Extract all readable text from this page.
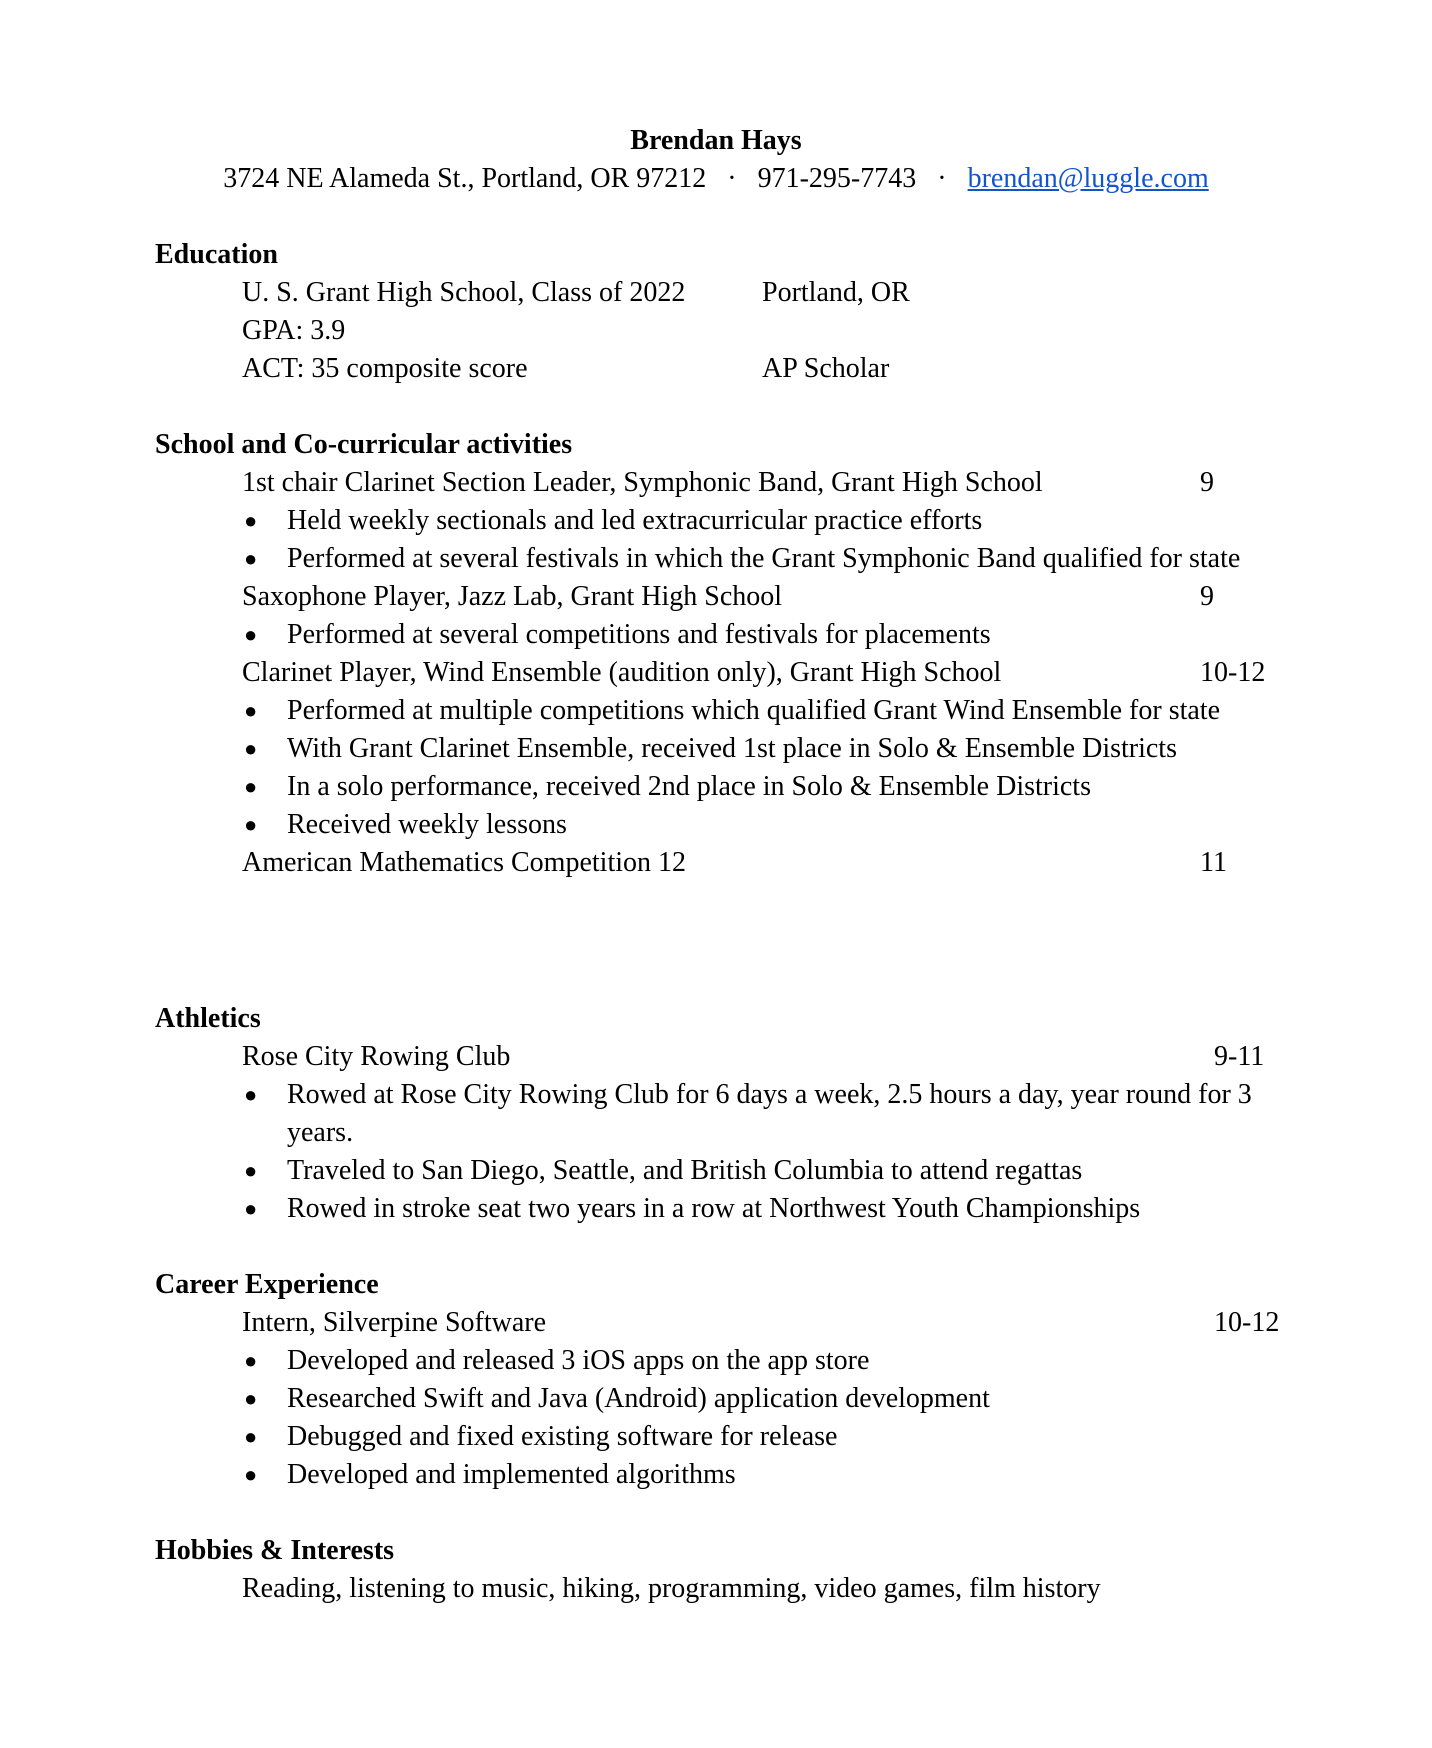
Brendan Hays
3724 NE Alameda St., Portland, OR 97212 · 971-295-7743 · brendan@luggle.com
Education
U. S. Grant High School, Class of 2022	Portland, OR
GPA: 3.9
ACT: 35 composite score	AP Scholar
School and Co-curricular activities
1st chair Clarinet Section Leader, Symphonic Band, Grant High School	9
● Held weekly sectionals and led extracurricular practice efforts
● Performed at several festivals in which the Grant Symphonic Band qualified for state
Saxophone Player, Jazz Lab, Grant High School	9
● Performed at several competitions and festivals for placements
Clarinet Player, Wind Ensemble (audition only), Grant High School	10-12
● Performed at multiple competitions which qualified Grant Wind Ensemble for state
● With Grant Clarinet Ensemble, received 1st place in Solo & Ensemble Districts
● In a solo performance, received 2nd place in Solo & Ensemble Districts
● Received weekly lessons
American Mathematics Competition 12	11
Athletics
Rose City Rowing Club	9-11
● Rowed at Rose City Rowing Club for 6 days a week, 2.5 hours a day, year round for 3 years.
● Traveled to San Diego, Seattle, and British Columbia to attend regattas
● Rowed in stroke seat two years in a row at Northwest Youth Championships
Career Experience
Intern, Silverpine Software	10-12
● Developed and released 3 iOS apps on the app store
● Researched Swift and Java (Android) application development
● Debugged and fixed existing software for release
● Developed and implemented algorithms
Hobbies & Interests
Reading, listening to music, hiking, programming, video games, film history
